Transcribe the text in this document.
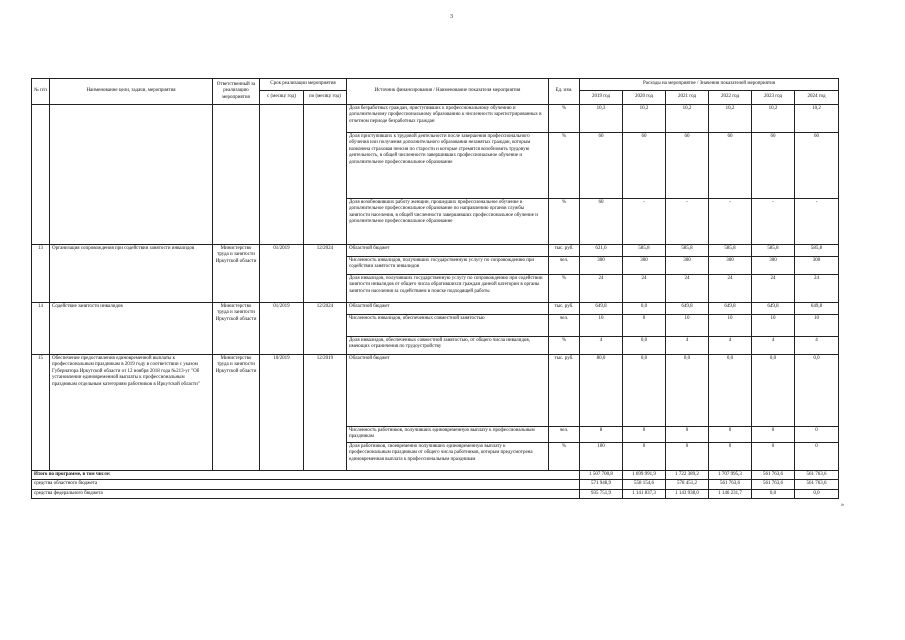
3
№ п/п	Наименование цели, задачи, мероприятия	Ответственный за реализацию мероприятия	Срок реализации мероприятия		Источник финансирования / Наименование показателя мероприятия	Ед. изм.	Расходы на мероприятие / Значения показателей мероприятия					
			с (месяц/ год)	по (месяц/ год)			2019 год	2020 год	2021 год	2022 год	2023 год	2024 год
					Доля безработных граждан, приступивших к профессиональному обучению и дополнительному профессиональному образованию к численности зарегистрированных в отчетном периоде безработных граждан	%	10,3	10,2	10,2	10,2	10,2	10,2
					Доля приступивших к трудовой деятельности после завершения профессионального обучения или получения дополнительного образования незанятых граждан, которым назначена страховая пенсия по старости и которые стремятся возобновить трудовую деятельность, в общей численности завершивших профессиональное обучение и дополнительное профессиональное образование	%	60	60	60	60	60	60
					Доля возобновивших работу женщин, прошедших профессиональное обучение и дополнительное профессиональное образование по направлению органов службы занятости населения, в общей численности завершивших профессиональное обучение и дополнительное профессиональное образование	%	60	-	-	-	-	-
13	Организация сопровождения при содействии занятости инвалидов	Министерство труда и занятости Иркутской области	01/2019	12/2024	Областной бюджет	тыс. руб.	621,6	585,8	585,8	585,8	585,8	585,8
					Численность инвалидов, получивших государственную услугу по сопровождению при содействии занятости инвалидов	чел.	300	300	300	300	300	300
					Доля инвалидов, получивших государственную услугу по сопровождению при содействии занятости инвалидов от общего числа обратившихся граждан данной категории в органы занятости населения за содействием в поиске подходящей работы	%	24	24	24	24	24	24
14	Содействие занятости инвалидов	Министерство труда и занятости Иркутской области	01/2019	12/2024	Областной бюджет	тыс. руб.	649,8	0,0	649,8	649,8	649,8	649,8
					Численность инвалидов, обеспеченных совместной занятостью	чел.	10	0	10	10	10	10
					Доля инвалидов, обеспеченных совместной занятостью, от общего числа инвалидов, имеющих ограничения по трудоустройству	%	4	0,0	4	4	4	4
15	Обеспечение предоставления единовременной выплаты к профессиональным праздникам в 2019 году в соответствии с указом Губернатора Иркутской области от 12 ноября 2018 года №213-уг "Об установлении единовременной выплаты к профессиональным праздникам отдельным категориям работников в Иркутской области"	Министерство труда и занятости Иркутской области	10/2019	12/2019	Областной бюджет	тыс. руб.	80,0	0,0	0,0	0,0	0,0	0,0
					Численность работников, получивших единовременную выплату к профессиональным праздникам	чел.	8	0	0	0	0	0
					Доля работников, своевременно получивших единовременную выплату к профессиональным праздникам от общего числа работников, которым предусмотрена единовременная выплата к профессиональным праздникам	%	100	0	0	0	0	0
Итого по программе, в том числе:							1 507 700,8	1 699 991,9	1 722 389,2	1 707 995,3	561 763,6	561 763,6
средства областного бюджета							571 948,9	558 154,6	578 451,2	561 763,6	561 763,6	561 763,6
средства федерального бюджета							935 751,9	1 141 837,3	1 143 938,0	1 146 231,7	0,0	0,0
»
